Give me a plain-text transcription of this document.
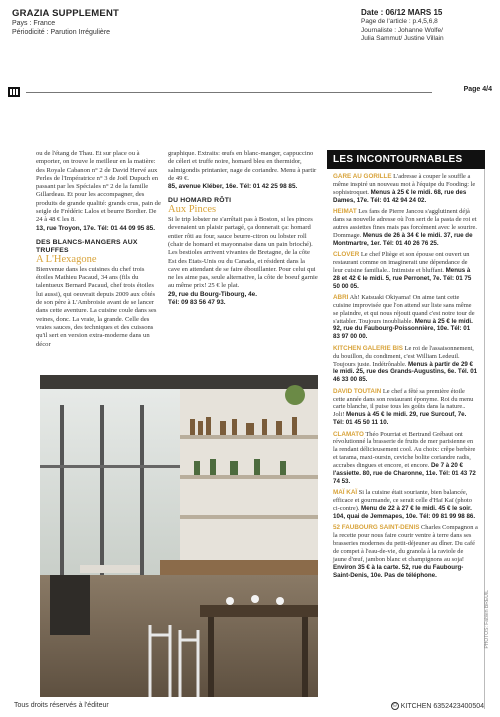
GRAZIA SUPPLEMENT
Pays : France
Périodicité : Parution Irrégulière
Date : 06/12 MARS 15
Page de l'article : p.4,5,6,8
Journaliste : Johanne Wolfe/
Julia Sammut/ Justine Villain
Page 4/4

ou de l'étang de Thau. Et sur place ou à emporter, on trouve le meilleur en la matière: des Royale Cabanon n° 2 de David Hervé aux Perles de l'Impératrice n° 3 de Joël Dupuch en passant par les Spéciales n° 2 de la famille Gillardeau. Et pour les accompagner, des produits de grande qualité: grands crus, pain de seigle de Frédéric Lalos et beurre Bordier. De 24 à 48 € les 8.
13, rue Troyon, 17e. Tél: 01 44 09 95 85.

DES BLANCS-MANGERS AUX TRUFFES
A L'Hexagone

Bienvenue dans les cuisines du chef trois étoiles Mathieu Pacaud, 34 ans (fils du talentueux Bernard Pacaud, chef trois étoiles lui aussi), qui oeuvrait depuis 2009 aux côtés de son père à L'Ambroisie avant de se lancer dans cette aventure. La cuisine coule dans ses veines, donc. La vraie, la grande. Celle des vraies sauces, des techniques et des cuissons qu'il sert en version extra-moderne dans un décor

graphique. Extraits: œufs en blanc-manger, cappuccino de céleri et truffe noire, homard bleu en thermidor, salmigondis printanier, nage de coriandre. Menu à partir de 49 €.
85, avenue Kléber, 16e. Tél: 01 42 25 98 85.

DU HOMARD RÔTI
Aux Pinces

Si le trip lobster ne s'arrêtait pas à Boston, si les pinces devenaient un plaisir partagé, ça donnerait ça: homard entier rôti au four, sauce beurre-citron ou lobster roll (chair de homard et mayonnaise dans un pain brioché). Les bestioles arrivent vivantes de Bretagne, de la côte Est des Etats-Unis ou du Canada, et résident dans la cave en attendant de se faire ébouillanter. Pour celui qui ne les aime pas, seule alternative, la côte de boeuf garnie au même prix! 25 € le plat.
29, rue du Bourg-Tibourg, 4e.
Tél: 09 83 56 47 93.

LES INCONTOURNABLES
GARE AU GORILLE L'adresse à couper le souffle a même inspiré un nouveau mot à l'équipe du Fooding: le sophistroquet. Menus à 25 € le midi. 68, rue des Dames, 17e. Tél: 01 42 94 24 02.
HEIMAT Les fans de Pierre Jancou s'agglutinent déjà dans sa nouvelle adresse où l'on sert de la pasta de roi et autres assiettes fines mais pas forcément avec le sourire. Dommage. Menus de 26 à 34 € le midi. 37, rue de Montmartre, 1er. Tél: 01 40 26 76 25.
CLOVER Le chef Pliège et son épouse ont ouvert un restaurant comme on imaginerait une dépendance de leur cuisine familiale.. Intimiste et bluffant. Menus à 28 et 42 € le midi. 5, rue Perronet, 7e. Tél: 01 75 50 00 05.
ABRI Ah! Katsuaki Okiyama! On aime tant cette cuisine improvisée que l'on attend sur liste sans même se plaindre, et qui nous réjouit quand c'est notre tour de s'attabler. Toujours inoubliable. Menu à 25 € le midi. 92, rue du Faubourg-Poissonnière, 10e. Tél: 01 83 97 00 00.
KITCHEN GALERIE BIS Le roi de l'assaisonnement, du bouillon, du condiment, c'est William Ledeuil. Toujours juste. Indétrônable. Menus à partir de 29 € le midi. 25, rue des Grands-Augustins, 6e. Tél. 01 46 33 00 85.
DAVID TOUTAIN Le chef a fêté sa première étoile cette année dans son restaurant éponyme. Roi du menu carte blanche, il puise tous les goûts dans la nature.. Joli! Menus à 45 € le midi. 29, rue Surcouf, 7e. Tél: 01 45 50 11 10.
CLAMATO Théo Pourriat et Bertrand Grébaut ont révolutionné la brasserie de fruits de mer parisienne en la rendant délicieusement cool. Au choix: crêpe berbère et tarama, maxi-oursin, ceviche bolite coriandre radis, accrabes dingues et encore, et encore. De 7 à 20 € l'assiette. 80, rue de Charonne, 11e. Tél: 01 43 72 74 53.
MAÏ KAÏ Si la cuisine était souriante, bien balancée, efficace et gourmande, ce serait celle d'Haï Kaï (photo ci-contre). Menu de 22 à 27 € le midi. 45 € le soir. 104, quai de Jemmapes, 10e. Tél: 09 81 99 98 86.
52 FAUBOURG SAINT-DENIS Charles Compagnon a la recette pour nous faire courir ventre à terre dans ses brasseries modernes du petit-déjeuner au dîner. Du café de compet à l'eau-de-vie, du granola à la raviole de jaune d'œuf, jambon blanc et champignons au soja! Environ 35 € à la carte. 52, rue du Faubourg-Saint-Denis, 10e. Pas de téléphone.
PHOTOS: Fabien BREUIL
Tous droits réservés à l'éditeur	© KITCHEN 6352423400504
